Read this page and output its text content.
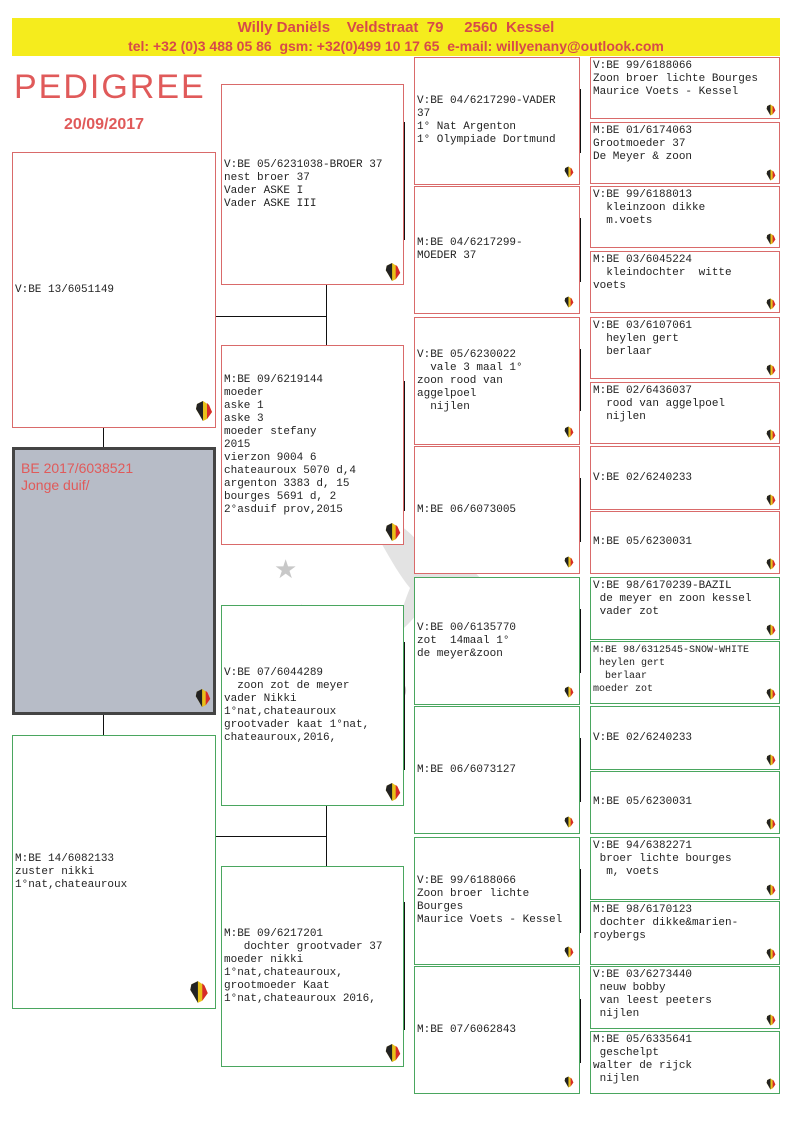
Willy Daniëls    Veldstraat  79     2560  Kessel
tel: +32 (0)3 488 05 86  gsm: +32(0)499 10 17 65  e-mail: willyenany@outlook.com
PEDIGREE
20/09/2017
★
V:BE 13/6051149
BE 2017/6038521
Jonge duif/
M:BE 14/6082133
zuster nikki
1°nat,chateauroux
V:BE 05/6231038-BROER 37
nest broer 37
Vader ASKE I
Vader ASKE III
M:BE 09/6219144
moeder
aske 1
aske 3
moeder stefany
2015
vierzon 9004 6
chateauroux 5070 d,4
argenton 3383 d, 15
bourges 5691 d, 2
2°asduif prov,2015
V:BE 07/6044289
zoon zot de meyer
vader Nikki
1°nat,chateauroux
grootvader kaat 1°nat,
chateauroux,2016,
M:BE 09/6217201
dochter grootvader 37
moeder nikki
1°nat,chateauroux,
grootmoeder Kaat
1°nat,chateauroux 2016,
V:BE 04/6217290-VADER
37
1° Nat Argenton
1° Olympiade Dortmund
M:BE 04/6217299-
MOEDER 37
V:BE 05/6230022
vale 3 maal 1°
zoon rood van
aggelpoel
nijlen
M:BE 06/6073005
V:BE 00/6135770
zot  14maal 1°
de meyer&zoon
M:BE 06/6073127
V:BE 99/6188066
Zoon broer lichte
Bourges
Maurice Voets - Kessel
M:BE 07/6062843
V:BE 99/6188066
Zoon broer lichte Bourges
Maurice Voets - Kessel
M:BE 01/6174063
Grootmoeder 37
De Meyer & zoon
V:BE 99/6188013
kleinzoon dikke
m.voets
M:BE 03/6045224
kleindochter  witte
voets
V:BE 03/6107061
heylen gert
berlaar
M:BE 02/6436037
rood van aggelpoel
nijlen
V:BE 02/6240233
M:BE 05/6230031
V:BE 98/6170239-BAZIL
de meyer en zoon kessel
vader zot
M:BE 98/6312545-SNOW-WHITE
heylen gert
berlaar
moeder zot
V:BE 02/6240233
M:BE 05/6230031
V:BE 94/6382271
broer lichte bourges
m, voets
M:BE 98/6170123
dochter dikke&marien-
roybergs
V:BE 03/6273440
neuw bobby
van leest peeters
nijlen
M:BE 05/6335641
geschelpt
walter de rijck
nijlen
